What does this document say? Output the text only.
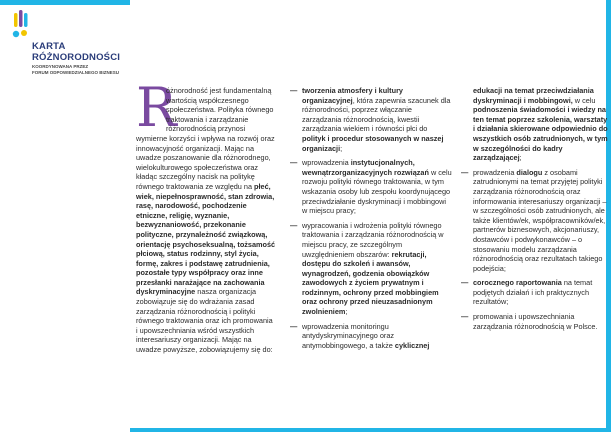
KARTA
RÓŻNORODNOŚCI
KOORDYNOWANA PRZEZ
FORUM ODPOWIEDZIALNEGO BIZNESU
R

óżnorodność jest fundamentalną wartością współczesnego społeczeństwa. Polityka równego traktowania i zarządzanie różnorodnością przynosi wymierne korzyści i wpływa na rozwój oraz innowacyjność organizacji. Mając na uwadze poszanowanie dla różnorodnego, wielokulturowego społeczeństwa oraz kładąc szczególny nacisk na politykę równego traktowania ze względu na płeć, wiek, niepełnosprawność, stan zdrowia, rasę, narodowość, pochodzenie etniczne, religię, wyznanie, bezwyznaniowość, przekonanie polityczne, przynależność związkową, orientację psychoseksualną, tożsamość płciową, status rodzinny, styl życia, formę, zakres i podstawę zatrudnienia, pozostałe typy współpracy oraz inne przesłanki narażające na zachowania dyskryminacyjne nasza organizacja zobowiązuje się do wdrażania zasad zarządzania różnorodnością i polityki równego traktowania oraz ich promowania i upowszechniania wśród wszystkich interesariuszy organizacji. Mając na uwadze powyższe, zobowiązujemy się do:

— tworzenia atmosfery i kultury organizacyjnej, która zapewnia szacunek dla różnorodności, poprzez włączanie zarządzania różnorodnością, kwestii zarządzania wiekiem i równości płci do polityk i procedur stosowanych w naszej organizacji;
— wprowadzenia instytucjonalnych, wewnątrzorganizacyjnych rozwiązań w celu rozwoju polityki równego traktowania, w tym wskazania osoby lub zespołu koordynującego przeciwdziałanie dyskryminacji i mobbingowi w miejscu pracy;
— wypracowania i wdrożenia polityki równego traktowania i zarządzania różnorodnością w miejscu pracy, ze szczególnym uwzględnieniem obszarów: rekrutacji, dostępu do szkoleń i awansów, wynagrodzeń, godzenia obowiązków zawodowych z życiem prywatnym i rodzinnym, ochrony przed mobbingiem oraz ochrony przed nieuzasadnionym zwolnieniem;
— wprowadzenia monitoringu antydyskryminacyjnego oraz antymobbingowego, a także cyklicznej
edukacji na temat przeciwdziałania dyskryminacji i mobbingowi, w celu podnoszenia świadomości i wiedzy na ten temat poprzez szkolenia, warsztaty i działania skierowane odpowiednio do wszystkich osób zatrudnionych, w tym w szczególności do kadry zarządzającej;
— prowadzenia dialogu z osobami zatrudnionymi na temat przyjętej polityki zarządzania różnorodnością oraz informowania interesariuszy organizacji – w szczególności osób zatrudnionych, ale także klientów/ek, współpracowników/ek, partnerów biznesowych, akcjonariuszy, dostawców i podwykonawców – o stosowaniu modelu zarządzania różnorodnością oraz rezultatach takiego podejścia;
— corocznego raportowania na temat podjętych działań i ich praktycznych rezultatów;
— promowania i upowszechniania zarządzania różnorodnością w Polsce.
